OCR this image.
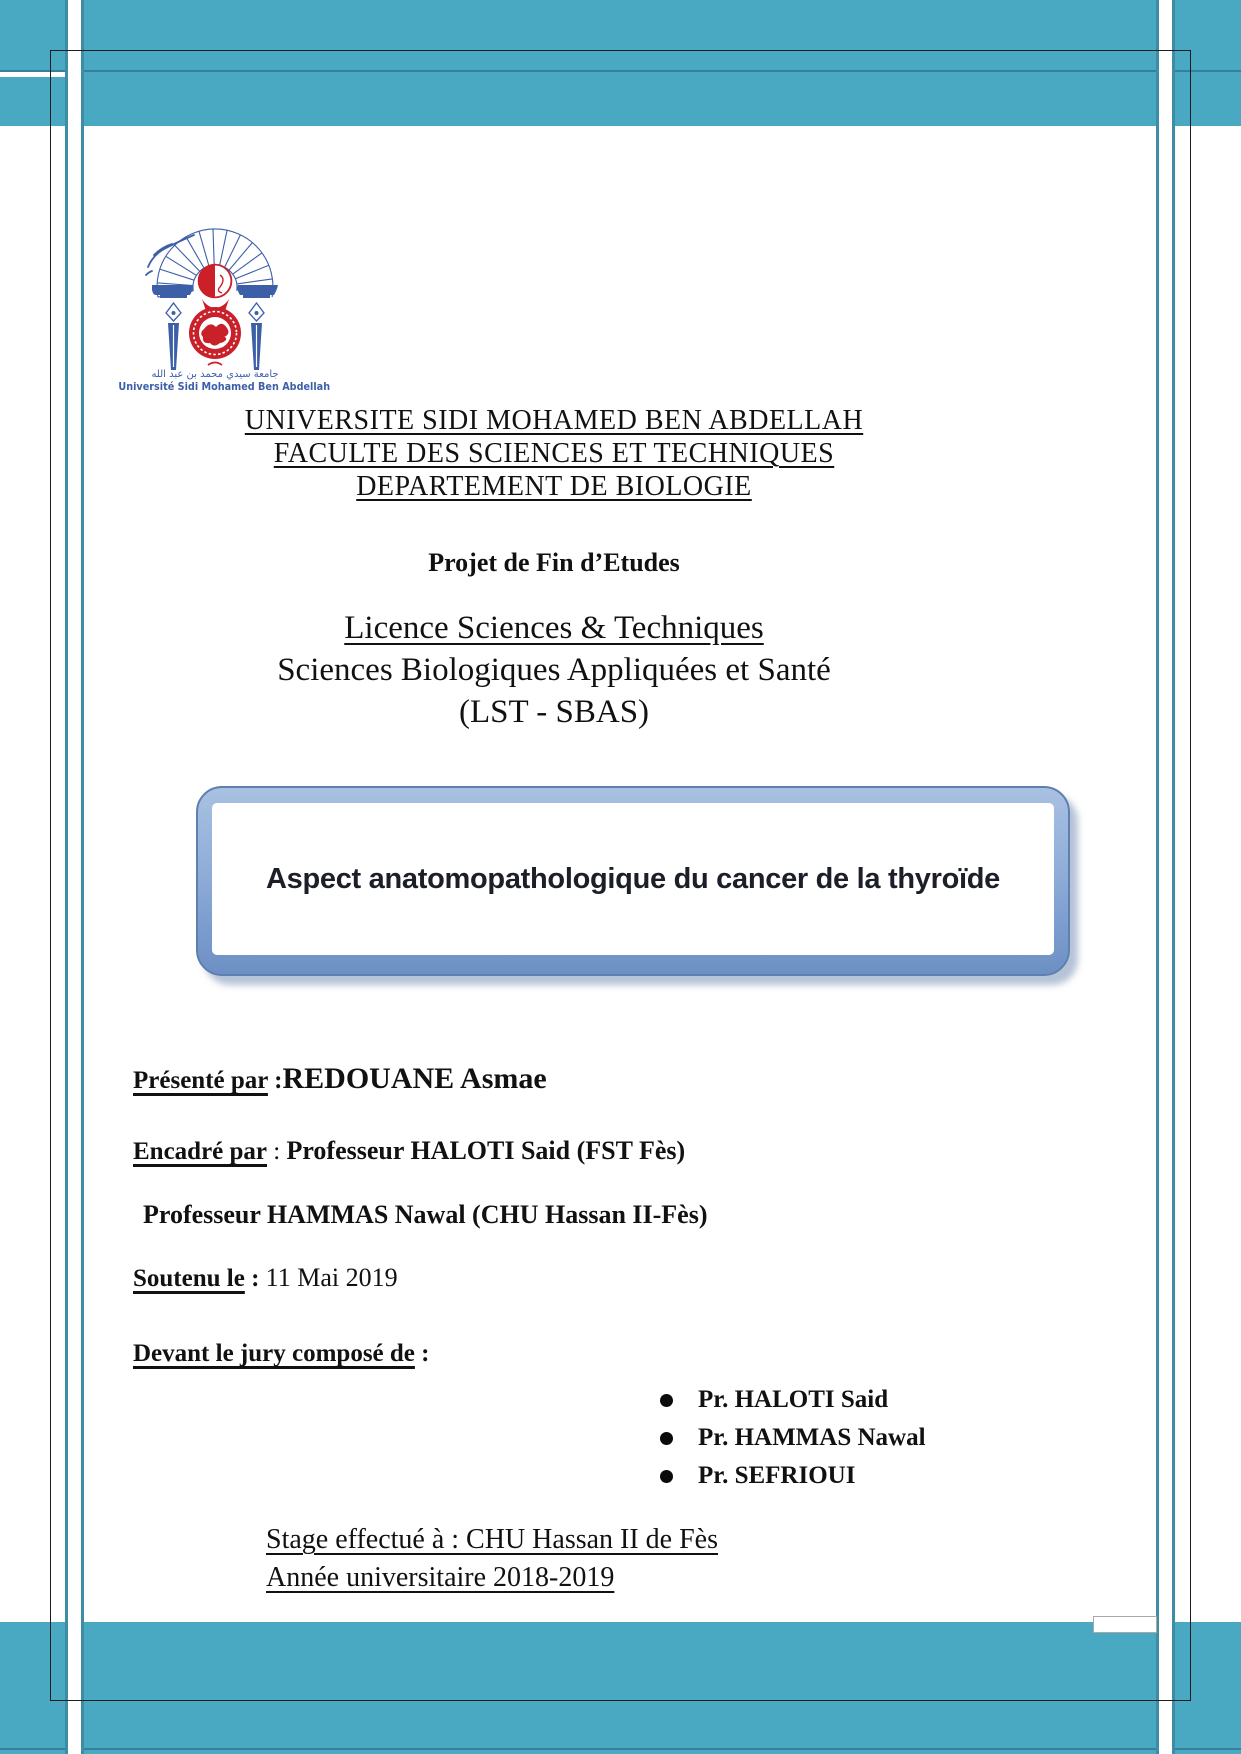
جامعة سيدي محمد بن عبد الله
Université Sidi Mohamed Ben Abdellah
UNIVERSITE SIDI MOHAMED BEN ABDELLAH
FACULTE DES SCIENCES ET TECHNIQUES
DEPARTEMENT DE BIOLOGIE
Projet de Fin d’Etudes
Licence Sciences & Techniques
Sciences Biologiques Appliquées et Santé
(LST - SBAS)
Aspect anatomopathologique du cancer de la thyroïde
Présenté par :REDOUANE Asmae
Encadré par : Professeur HALOTI Said (FST Fès)
Professeur HAMMAS Nawal (CHU Hassan II-Fès)
Soutenu le : 11 Mai 2019
Devant le jury composé de :
Pr. HALOTI Said
Pr. HAMMAS Nawal
Pr. SEFRIOUI
Stage effectué à : CHU Hassan II de Fès
Année universitaire 2018-2019
